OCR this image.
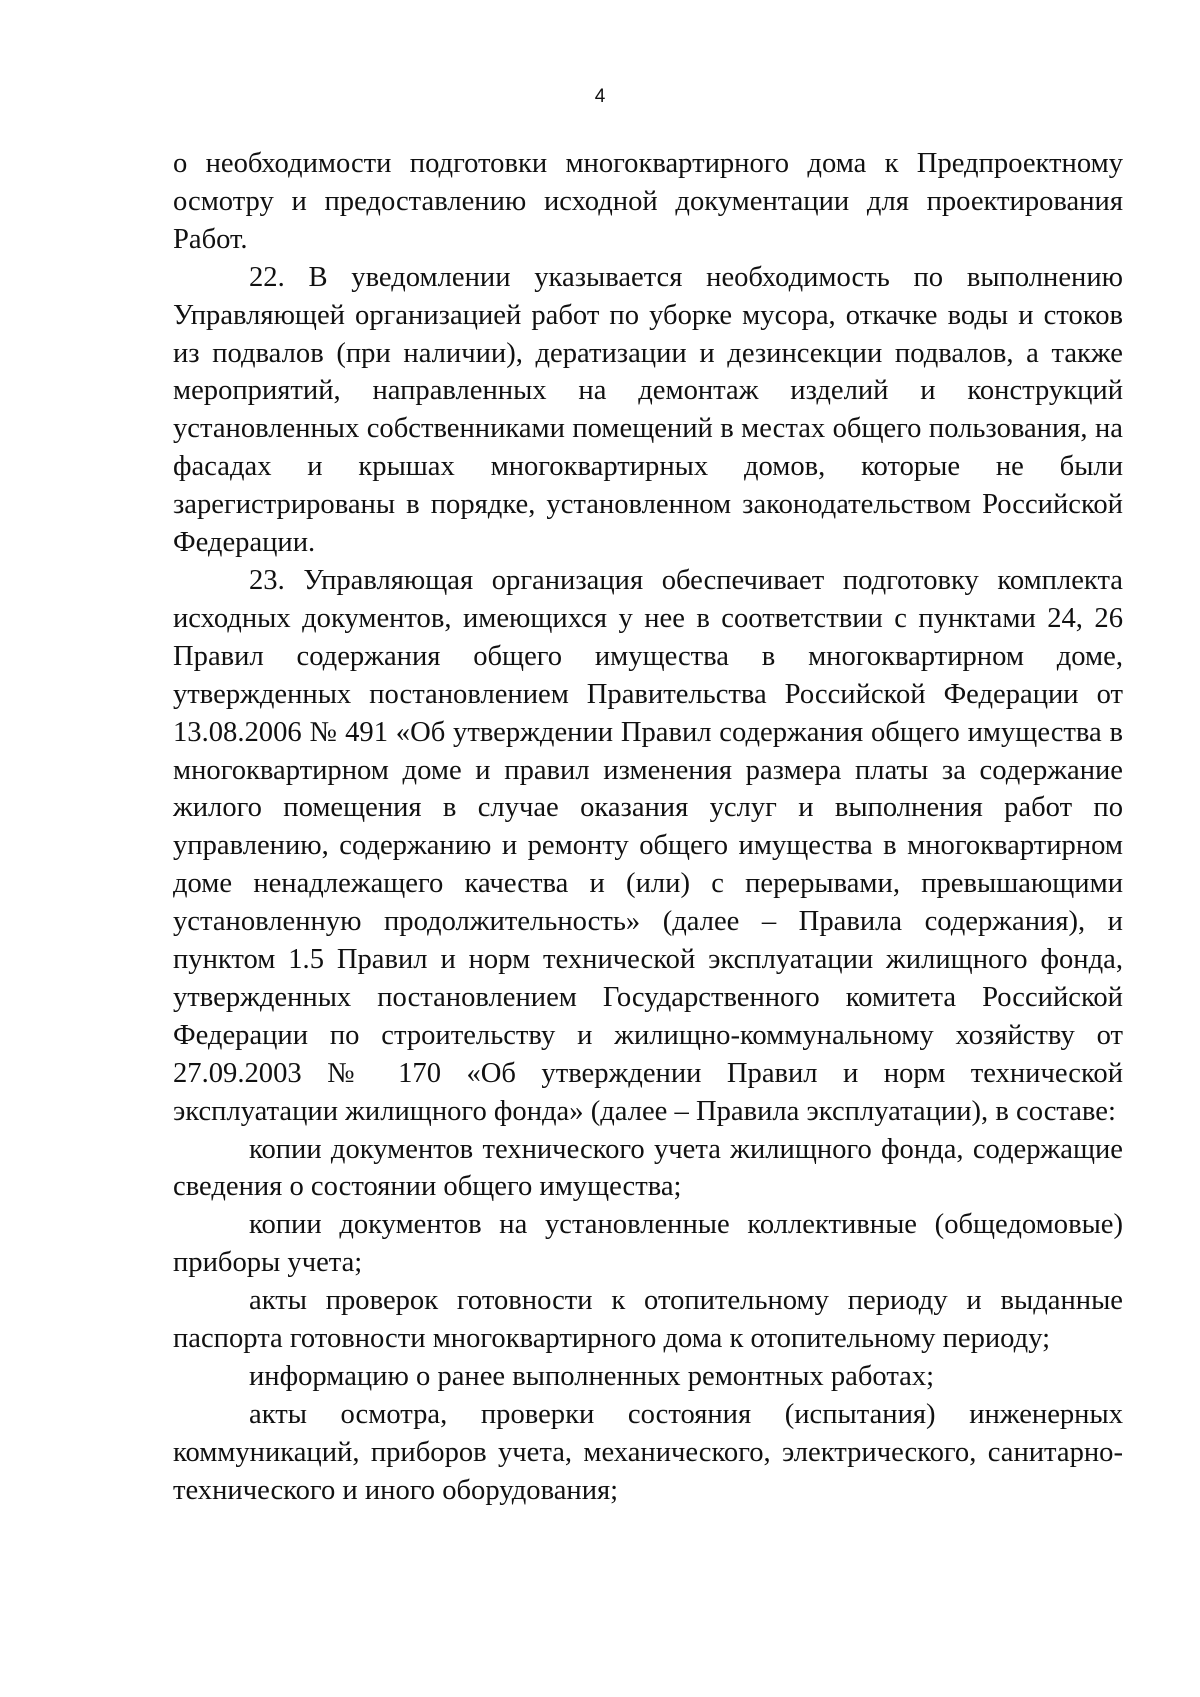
4

о необходимости подготовки многоквартирного дома к Предпроектному осмотру и предоставлению исходной документации для проектирования Работ.

22. В уведомлении указывается необходимость по выполнению Управляющей организацией работ по уборке мусора, откачке воды и стоков из подвалов (при наличии), дератизации и дезинсекции подвалов, а также мероприятий, направленных на демонтаж изделий и конструкций установленных собственниками помещений в местах общего пользования, на фасадах и крышах многоквартирных домов, которые не были зарегистрированы в порядке, установленном законодательством Российской Федерации.

23. Управляющая организация обеспечивает подготовку комплекта исходных документов, имеющихся у нее в соответствии с пунктами 24, 26 Правил содержания общего имущества в многоквартирном доме, утвержденных постановлением Правительства Российской Федерации от 13.08.2006 № 491 «Об утверждении Правил содержания общего имущества в многоквартирном доме и правил изменения размера платы за содержание жилого помещения в случае оказания услуг и выполнения работ по управлению, содержанию и ремонту общего имущества в многоквартирном доме ненадлежащего качества и (или) с перерывами, превышающими установленную продолжительность» (далее – Правила содержания), и пунктом 1.5 Правил и норм технической эксплуатации жилищного фонда, утвержденных постановлением Государственного комитета Российской Федерации по строительству и жилищно-коммунальному хозяйству от 27.09.2003 № 170 «Об утверждении Правил и норм технической эксплуатации жилищного фонда» (далее – Правила эксплуатации), в составе:

копии документов технического учета жилищного фонда, содержащие сведения о состоянии общего имущества;

копии документов на установленные коллективные (общедомовые) приборы учета;

акты проверок готовности к отопительному периоду и выданные паспорта готовности многоквартирного дома к отопительному периоду;

информацию о ранее выполненных ремонтных работах;

акты осмотра, проверки состояния (испытания) инженерных коммуникаций, приборов учета, механического, электрического, санитарно-технического и иного оборудования;
